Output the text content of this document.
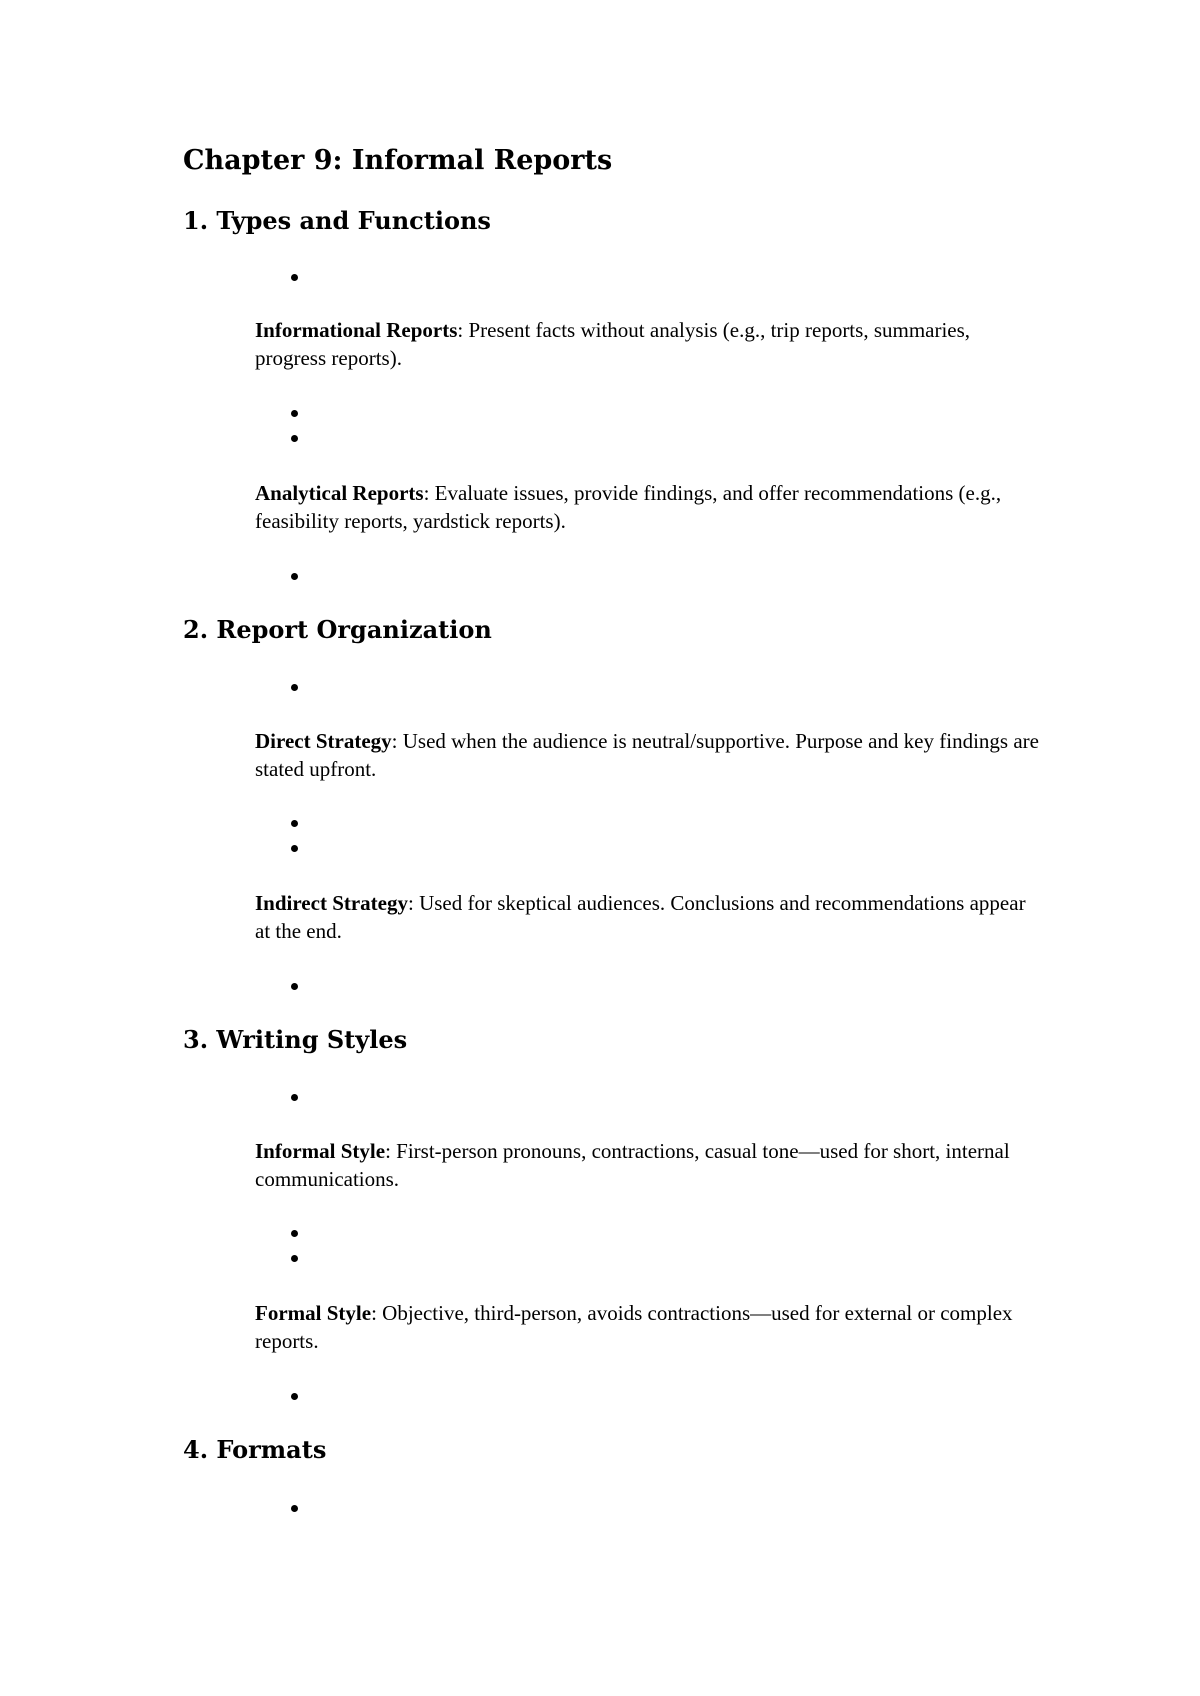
Chapter 9: Informal Reports
1. Types and Functions

Informational Reports: Present facts without analysis (e.g., trip reports, summaries, progress reports).

Analytical Reports: Evaluate issues, provide findings, and offer recommendations (e.g., feasibility reports, yardstick reports).

2. Report Organization

Direct Strategy: Used when the audience is neutral/supportive. Purpose and key findings are stated upfront.

Indirect Strategy: Used for skeptical audiences. Conclusions and recommendations appear at the end.

3. Writing Styles

Informal Style: First-person pronouns, contractions, casual tone—used for short, internal communications.

Formal Style: Objective, third-person, avoids contractions—used for external or complex reports.

4. Formats
